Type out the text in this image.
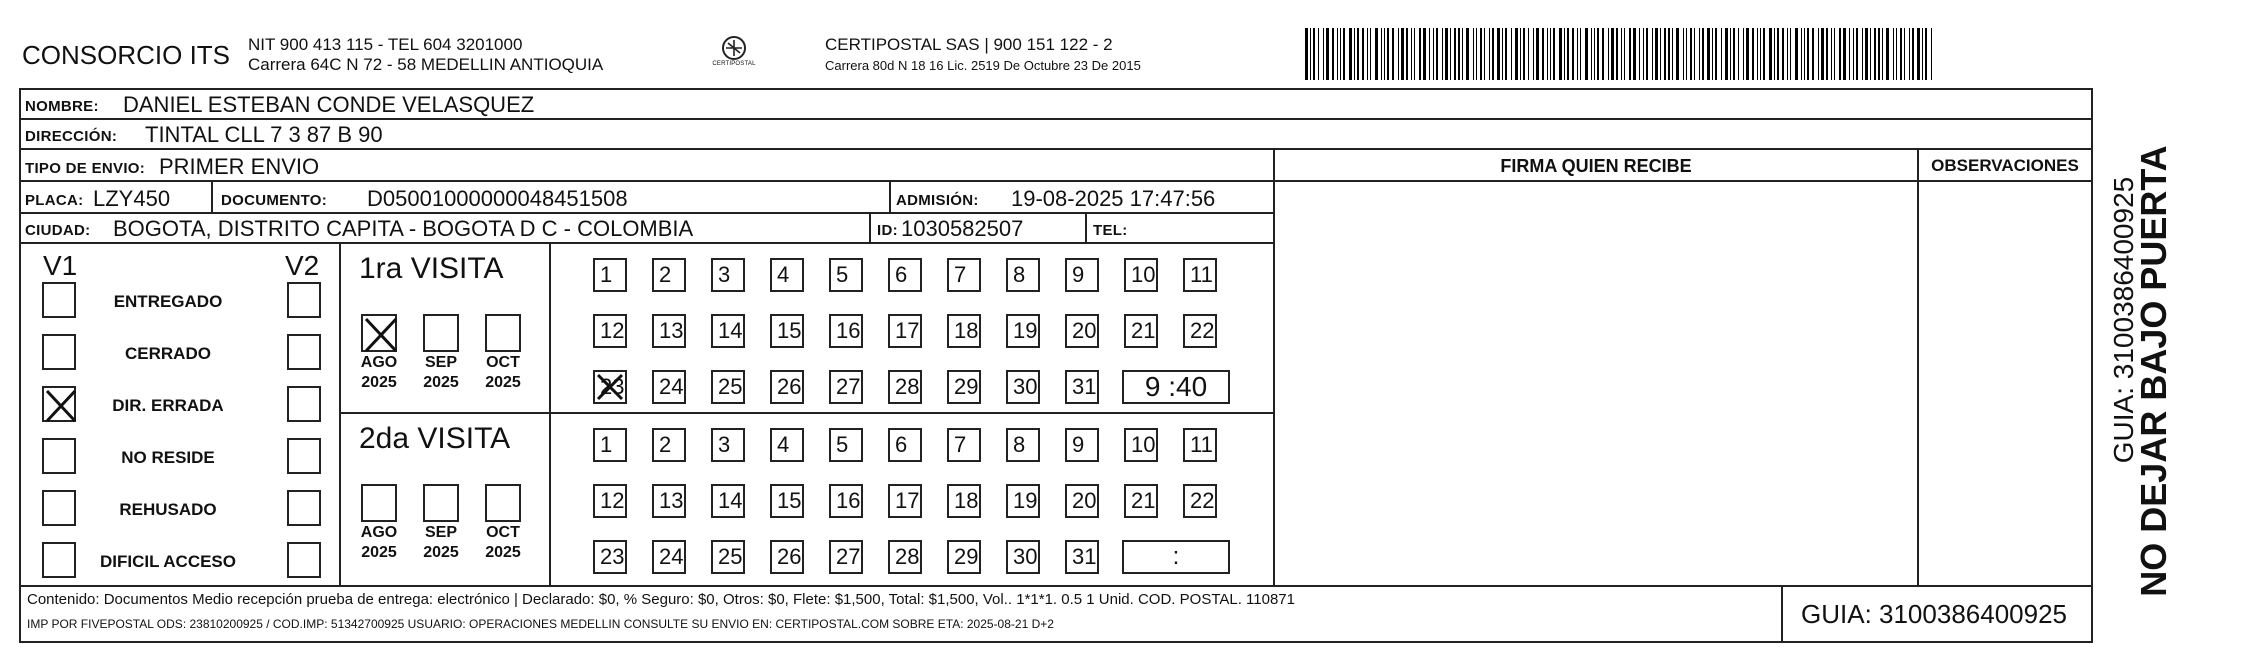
CONSORCIO ITS NIT 900 413 115 - TEL 604 3201000
Carrera 64C N 72 - 58 MEDELLIN ANTIOQUIA	CERTIPOSTAL
CERTIPOSTAL SAS | 900 151 122 - 2
Carrera 80d N 18 16 Lic. 2519 De Octubre 23 De 2015
NOMBRE: DANIEL ESTEBAN CONDE VELASQUEZ
DIRECCIÓN: TINTAL CLL 7 3 87 B 90
TIPO DE ENVIO: PRIMER ENVIO
PLACA: LZY450	DOCUMENTO: D050010000000484515​08	ADMISIÓN: 19-08-2025 17:47:56
CIUDAD: BOGOTA, DISTRITO CAPITA - BOGOTA D C - COLOMBIA	ID: 1030582507	TEL:
FIRMA QUIEN RECIBE	OBSERVACIONES
V1	V2
ENTREGADO
CERRADO
DIR. ERRADA
NO RESIDE
REHUSADO
DIFICIL ACCESO
1ra VISITA
AGO
2025
SEP
2025
OCT
2025
1	2	3	4	5	6	7	8	9	10	11
12	13	14	15	16	17	18	19	20	21	22
23	24	25	26	27	28	29	30	31	9 :40
2da VISITA
AGO
2025
SEP
2025
OCT
2025
1	2	3	4	5	6	7	8	9	10	11
12	13	14	15	16	17	18	19	20	21	22
23	24	25	26	27	28	29	30	31	:
Contenido: Documentos Medio recepción prueba de entrega: electrónico | Declarado: $0, % Seguro: $0, Otros: $0, Flete: $1,500, Total: $1,500, Vol.. 1*1*1. 0.5 1 Unid. COD. POSTAL. 110871
IMP POR FIVEPOSTAL ODS: 23810200925 / COD.IMP: 51342700925 USUARIO: OPERACIONES MEDELLIN CONSULTE SU ENVIO EN: CERTIPOSTAL.COM SOBRE ETA: 2025-08-21 D+2	GUIA: 3100386400925
NO DEJAR BAJO PUERTA
GUIA: 3100386400925
